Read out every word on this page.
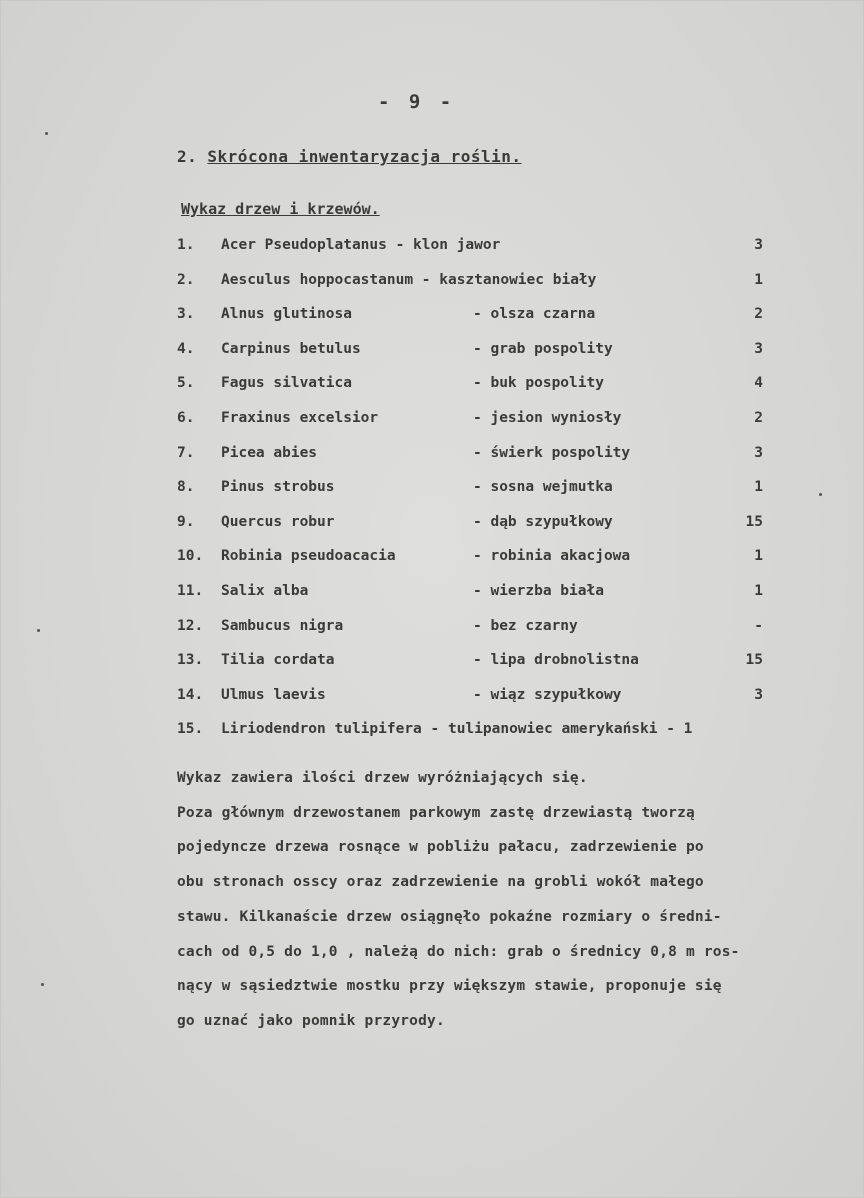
- 9 -
2. Skrócona inwentaryzacja roślin.
Wykaz drzew i krzewów.
1.	Acer Pseudoplatanus - klon jawor	3
2.	Aesculus hoppocastanum - kasztanowiec biały	1
3.	Alnus glutinosa	- olsza czarna	2
4.	Carpinus betulus	- grab pospolity	3
5.	Fagus silvatica	- buk pospolity	4
6.	Fraxinus excelsior	- jesion wyniosły	2
7.	Picea abies	- świerk pospolity	3
8.	Pinus strobus	- sosna wejmutka	1
9.	Quercus robur	- dąb szypułkowy	15
10.	Robinia pseudoacacia	- robinia akacjowa	1
11.	Salix alba	- wierzba biała	1
12.	Sambucus nigra	- bez czarny	-
13.	Tilia cordata	- lipa drobnolistna	15
14.	Ulmus laevis	- wiąz szypułkowy	3
15.	Liriodendron tulipifera - tulipanowiec amerykański - 1
Wykaz zawiera ilości drzew wyróżniających się.
Poza głównym drzewostanem parkowym zastę drzewiastą tworzą
pojedyncze drzewa rosnące w pobliżu pałacu, zadrzewienie po
obu stronach osscy oraz zadrzewienie na grobli wokół małego
stawu. Kilkanaście drzew osiągnęło pokaźne rozmiary o średni-
cach od 0,5 do 1,0 , należą do nich: grab o średnicy 0,8 m ros-
nący w sąsiedztwie mostku przy większym stawie, proponuje się
go uznać jako pomnik przyrody.
